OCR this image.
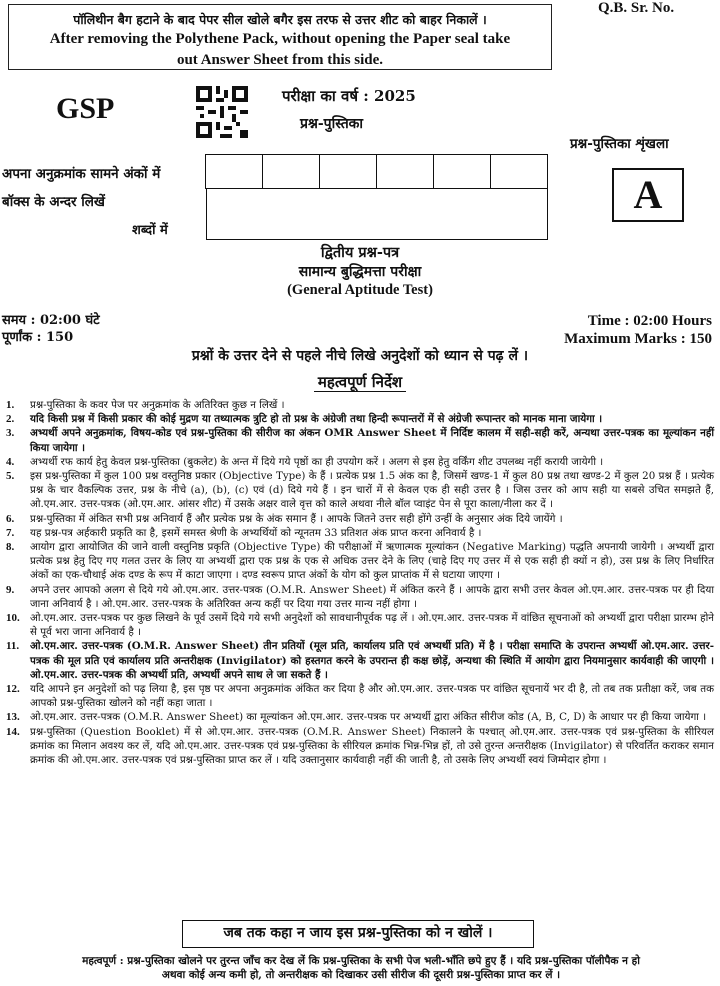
पॉलिथीन बैग हटाने के बाद पेपर सील खोले बगैर इस तरफ से उत्तर शीट को बाहर निकालें ।
After removing the Polythene Pack, without opening the Paper seal take
out Answer Sheet from this side.
Q.B. Sr. No.
GSP	परीक्षा का वर्ष : 2025
प्रश्न-पुस्तिका
प्रश्न-पुस्तिका शृंखला
A
अपना अनुक्रमांक सामने अंकों में
बॉक्स के अन्दर लिखें
शब्दों में
द्वितीय प्रश्न-पत्र
सामान्य बुद्धिमत्ता परीक्षा
(General Aptitude Test)
समय : 02:00 घंटे
पूर्णांक : 150
Time : 02:00 Hours
Maximum Marks : 150
प्रश्नों के उत्तर देने से पहले नीचे लिखे अनुदेशों को ध्यान से पढ़ लें ।
महत्वपूर्ण निर्देश
1.	प्रश्न-पुस्तिका के कवर पेज पर अनुक्रमांक के अतिरिक्त कुछ न लिखें ।
2.	यदि किसी प्रश्न में किसी प्रकार की कोई मुद्रण या तथ्यात्मक त्रुटि हो तो प्रश्न के अंग्रेजी तथा हिन्दी रूपान्तरों में से अंग्रेजी रूपान्तर को मानक माना जायेगा ।
3.	अभ्यर्थी अपने अनुक्रमांक, विषय-कोड एवं प्रश्न-पुस्तिका की सीरीज का अंकन OMR Answer Sheet में निर्दिष्ट कालम में सही-सही करें, अन्यथा उत्तर-पत्रक का मूल्यांकन नहीं किया जायेगा ।
4.	अभ्यर्थी रफ कार्य हेतु केवल प्रश्न-पुस्तिका (बुकलेट) के अन्त में दिये गये पृष्ठों का ही उपयोग करें । अलग से इस हेतु वर्किंग शीट उपलब्ध नहीं करायी जायेगी ।
5.	इस प्रश्न-पुस्तिका में कुल 100 प्रश्न वस्तुनिष्ठ प्रकार (Objective Type) के हैं । प्रत्येक प्रश्न 1.5 अंक का है, जिसमें खण्ड-1 में कुल 80 प्रश्न तथा खण्ड-2 में कुल 20 प्रश्न हैं । प्रत्येक प्रश्न के चार वैकल्पिक उत्तर, प्रश्न के नीचे (a), (b), (c) एवं (d) दिये गये हैं । इन चारों में से केवल एक ही सही उत्तर है । जिस उत्तर को आप सही या सबसे उचित समझते हैं, ओ.एम.आर. उत्तर-पत्रक (ओ.एम.आर. आंसर शीट) में उसके अक्षर वाले वृत्त को काले अथवा नीले बॉल प्वाइंट पेन से पूरा काला/नीला कर दें ।
6.	प्रश्न-पुस्तिका में अंकित सभी प्रश्न अनिवार्य हैं और प्रत्येक प्रश्न के अंक समान हैं । आपके जितने उत्तर सही होंगे उन्हीं के अनुसार अंक दिये जायेंगे ।
7.	यह प्रश्न-पत्र अर्हकारी प्रकृति का है, इसमें समस्त श्रेणी के अभ्यर्थियों को न्यूनतम 33 प्रतिशत अंक प्राप्त करना अनिवार्य है ।
8.	आयोग द्वारा आयोजित की जाने वाली वस्तुनिष्ठ प्रकृति (Objective Type) की परीक्षाओं में ऋणात्मक मूल्यांकन (Negative Marking) पद्धति अपनायी जायेगी । अभ्यर्थी द्वारा प्रत्येक प्रश्न हेतु दिए गए गलत उत्तर के लिए या अभ्यर्थी द्वारा एक प्रश्न के एक से अधिक उत्तर देने के लिए (चाहे दिए गए उत्तर में से एक सही ही क्यों न हो), उस प्रश्न के लिए निर्धारित अंकों का एक-चौथाई अंक दण्ड के रूप में काटा जाएगा । दण्ड स्वरूप प्राप्त अंकों के योग को कुल प्राप्तांक में से घटाया जाएगा ।
9.	अपने उत्तर आपको अलग से दिये गये ओ.एम.आर. उत्तर-पत्रक (O.M.R. Answer Sheet) में अंकित करने हैं । आपके द्वारा सभी उत्तर केवल ओ.एम.आर. उत्तर-पत्रक पर ही दिया जाना अनिवार्य है । ओ.एम.आर. उत्तर-पत्रक के अतिरिक्त अन्य कहीं पर दिया गया उत्तर मान्य नहीं होगा ।
10. ओ.एम.आर. उत्तर-पत्रक पर कुछ लिखने के पूर्व उसमें दिये गये सभी अनुदेशों को सावधानीपूर्वक पढ़ लें । ओ.एम.आर. उत्तर-पत्रक में वांछित सूचनाओं को अभ्यर्थी द्वारा परीक्षा प्रारम्भ होने से पूर्व भरा जाना अनिवार्य है ।
11.	ओ.एम.आर. उत्तर-पत्रक (O.M.R. Answer Sheet) तीन प्रतियों (मूल प्रति, कार्यालय प्रति एवं अभ्यर्थी प्रति) में है । परीक्षा समाप्ति के उपरान्त अभ्यर्थी ओ.एम.आर. उत्तर-पत्रक की मूल प्रति एवं कार्यालय प्रति अन्तरीक्षक (Invigilator) को हस्तगत करने के उपरान्त ही कक्ष छोड़ें, अन्यथा की स्थिति में आयोग द्वारा नियमानुसार कार्यवाही की जाएगी । ओ.एम.आर. उत्तर-पत्रक की अभ्यर्थी प्रति, अभ्यर्थी अपने साथ ले जा सकते हैं ।
12. यदि आपने इन अनुदेशों को पढ़ लिया है, इस पृष्ठ पर अपना अनुक्रमांक अंकित कर दिया है और ओ.एम.आर. उत्तर-पत्रक पर वांछित सूचनायें भर दी है, तो तब तक प्रतीक्षा करें, जब तक आपको प्रश्न-पुस्तिका खोलने को नहीं कहा जाता ।
13. ओ.एम.आर. उत्तर-पत्रक (O.M.R. Answer Sheet) का मूल्यांकन ओ.एम.आर. उत्तर-पत्रक पर अभ्यर्थी द्वारा अंकित सीरीज कोड (A, B, C, D) के आधार पर ही किया जायेगा ।
14. प्रश्न-पुस्तिका (Question Booklet) में से ओ.एम.आर. उत्तर-पत्रक (O.M.R. Answer Sheet) निकालने के पश्चात् ओ.एम.आर. उत्तर-पत्रक एवं प्रश्न-पुस्तिका के सीरियल क्रमांक का मिलान अवश्य कर लें, यदि ओ.एम.आर. उत्तर-पत्रक एवं प्रश्न-पुस्तिका के सीरियल क्रमांक भिन्न-भिन्न हों, तो उसे तुरन्त अन्तरीक्षक (Invigilator) से परिवर्तित कराकर समान क्रमांक की ओ.एम.आर. उत्तर-पत्रक एवं प्रश्न-पुस्तिका प्राप्त कर लें । यदि उक्तानुसार कार्यवाही नहीं की जाती है, तो उसके लिए अभ्यर्थी स्वयं जिम्मेदार होगा ।
जब तक कहा न जाय इस प्रश्न-पुस्तिका को न खोलें ।
महत्वपूर्ण : प्रश्न-पुस्तिका खोलने पर तुरन्त जाँच कर देख लें कि प्रश्न-पुस्तिका के सभी पेज भली-भाँति छपे हुए हैं । यदि प्रश्न-पुस्तिका पॉलीपैक न हो
अथवा कोई अन्य कमी हो, तो अन्तरीक्षक को दिखाकर उसी सीरीज की दूसरी प्रश्न-पुस्तिका प्राप्त कर लें ।
